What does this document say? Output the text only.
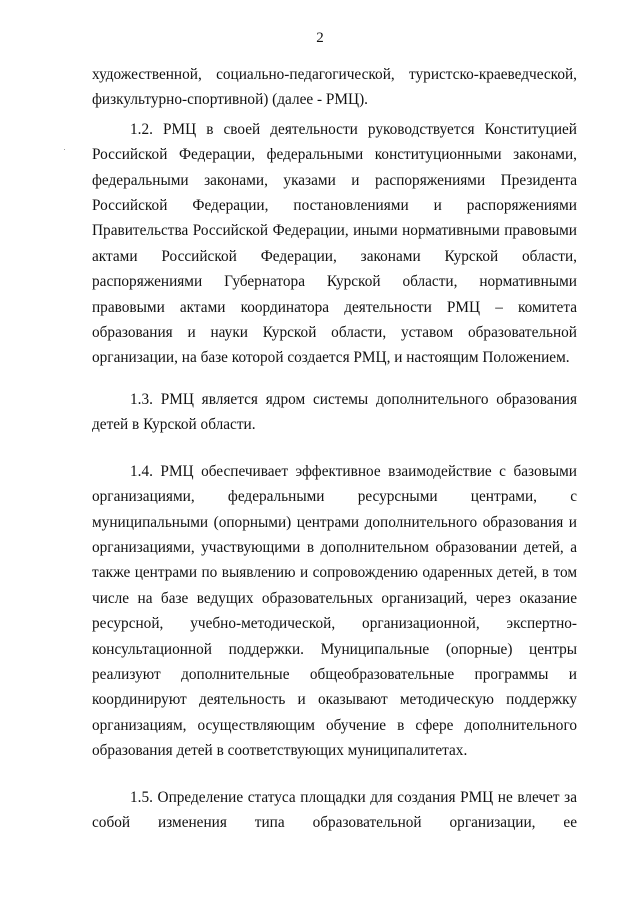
2

художественной, социально-педагогической, туристско-краеведческой, физкультурно-спортивной) (далее - РМЦ).

1.2. РМЦ в своей деятельности руководствуется Конституцией Российской Федерации, федеральными конституционными законами, федеральными законами, указами и распоряжениями Президента Российской Федерации, постановлениями и распоряжениями Правительства Российской Федерации, иными нормативными правовыми актами Российской Федерации, законами Курской области, распоряжениями Губернатора Курской области, нормативными правовыми актами координатора деятельности РМЦ – комитета образования и науки Курской области, уставом образовательной организации, на базе которой создается РМЦ, и настоящим Положением.

1.3. РМЦ является ядром системы дополнительного образования детей в Курской области.

1.4. РМЦ обеспечивает эффективное взаимодействие с базовыми организациями, федеральными ресурсными центрами, с муниципальными (опорными) центрами дополнительного образования и организациями, участвующими в дополнительном образовании детей, а также центрами по выявлению и сопровождению одаренных детей, в том числе на базе ведущих образовательных организаций, через оказание ресурсной, учебно-методической, организационной, экспертно-консультационной поддержки. Муниципальные (опорные) центры реализуют дополнительные общеобразовательные программы и координируют деятельность и оказывают методическую поддержку организациям, осуществляющим обучение в сфере дополнительного образования детей в соответствующих муниципалитетах.

1.5. Определение статуса площадки для создания РМЦ не влечет за собой изменения типа образовательной организации, ее
